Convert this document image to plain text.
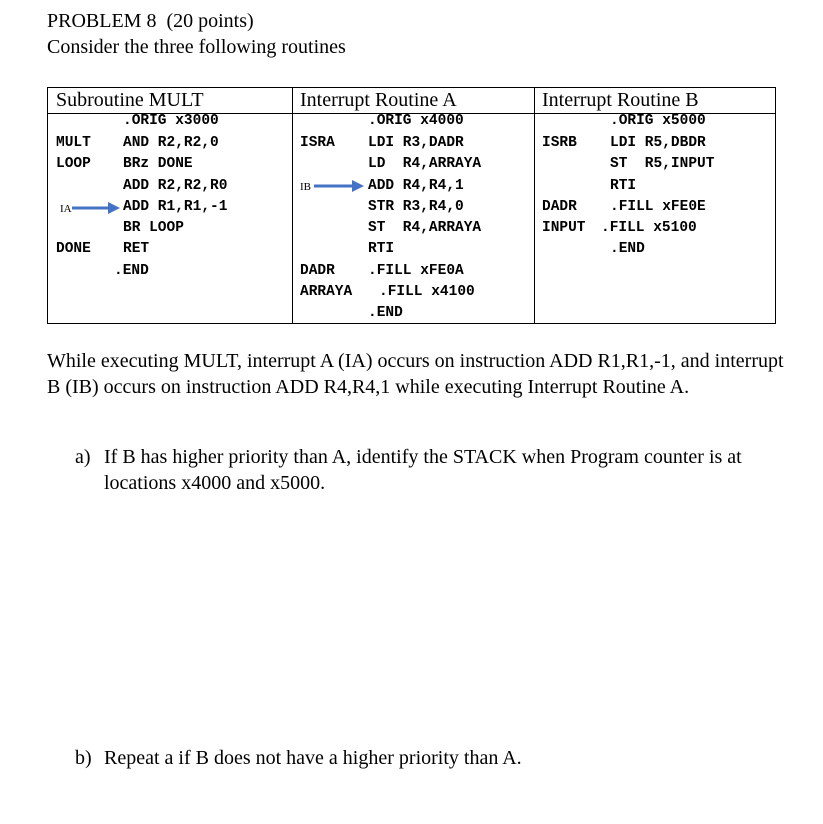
PROBLEM 8  (20 points)
Consider the three following routines
Subroutine MULT
.ORIG x3000
MULT AND R2,R2,0
LOOP BRz DONE
ADD R2,R2,R0
IA	ADD R1,R1,-1
BR LOOP
DONE RET
.END
Interrupt Routine A
.ORIG x4000
ISRA LDI R3,DADR
LD  R4,ARRAYA
IB	ADD R4,R4,1
STR R3,R4,0
ST  R4,ARRAYA
RTI
DADR .FILL xFE0A
ARRAYA .FILL x4100
.END
Interrupt Routine B
.ORIG x5000
ISRB LDI R5,DBDR
ST  R5,INPUT
RTI
DADR .FILL xFE0E
INPUT .FILL x5100
.END
While executing MULT, interrupt A (IA) occurs on instruction ADD R1,R1,-1, and interrupt B (IB) occurs on instruction ADD R4,R4,1 while executing Interrupt Routine A.
a) If B has higher priority than A, identify the STACK when Program counter is at locations x4000 and x5000.
b) Repeat a if B does not have a higher priority than A.
